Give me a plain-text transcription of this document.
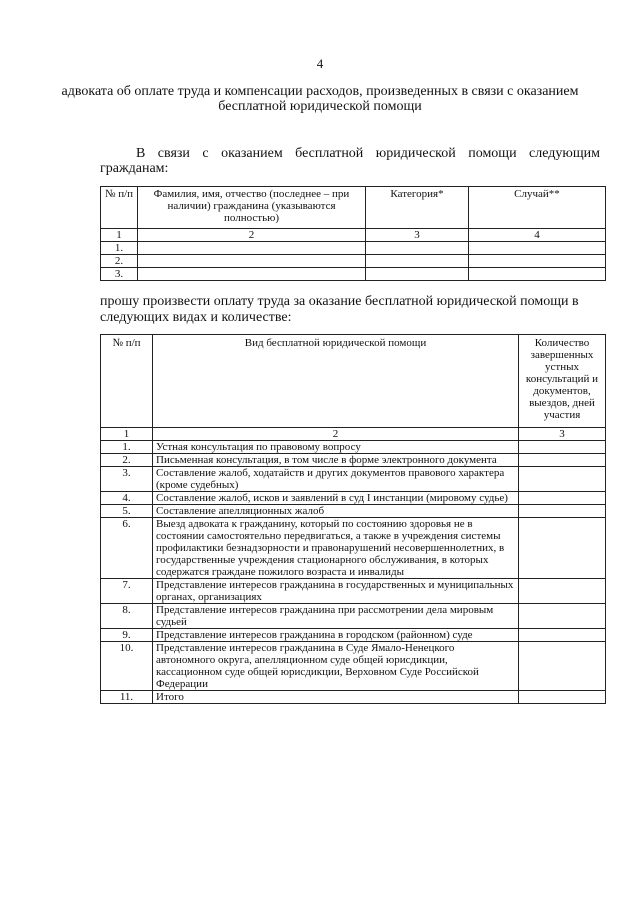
4
адвоката об оплате труда и компенсации расходов, произведенных в связи с оказанием бесплатной юридической помощи
В связи с оказанием бесплатной юридической помощи следующим гражданам:
№ п/п	Фамилия, имя, отчество (последнее – при наличии) гражданина (указываются полностью)	Категория*	Случай**
1	2	3	4
1.			
2.			
3.			
прошу произвести оплату труда за оказание бесплатной юридической помощи в следующих видах и количестве:
№ п/п	Вид бесплатной юридической помощи	Количество завершенных устных консультаций и документов, выездов, дней участия
1	2	3
1.	Устная консультация по правовому вопросу	
2.	Письменная консультация, в том числе в форме электронного документа	
3.	Составление жалоб, ходатайств и других документов правового характера (кроме судебных)	
4.	Составление жалоб, исков и заявлений в суд I инстанции (мировому судье)	
5.	Составление апелляционных жалоб	
6.	Выезд адвоката к гражданину, который по состоянию здоровья не в состоянии самостоятельно передвигаться, а также в учреждения системы профилактики безнадзорности и правонарушений несовершеннолетних, в государственные учреждения стационарного обслуживания, в которых содержатся граждане пожилого возраста и инвалиды	
7.	Представление интересов гражданина в государственных и муниципальных органах, организациях	
8.	Представление интересов гражданина при рассмотрении дела мировым судьей	
9.	Представление интересов гражданина в городском (районном) суде	
10.	Представление интересов гражданина в Суде Ямало-Ненецкого автономного округа, апелляционном суде общей юрисдикции, кассационном суде общей юрисдикции, Верховном Суде Российской Федерации	
11.	Итого	
